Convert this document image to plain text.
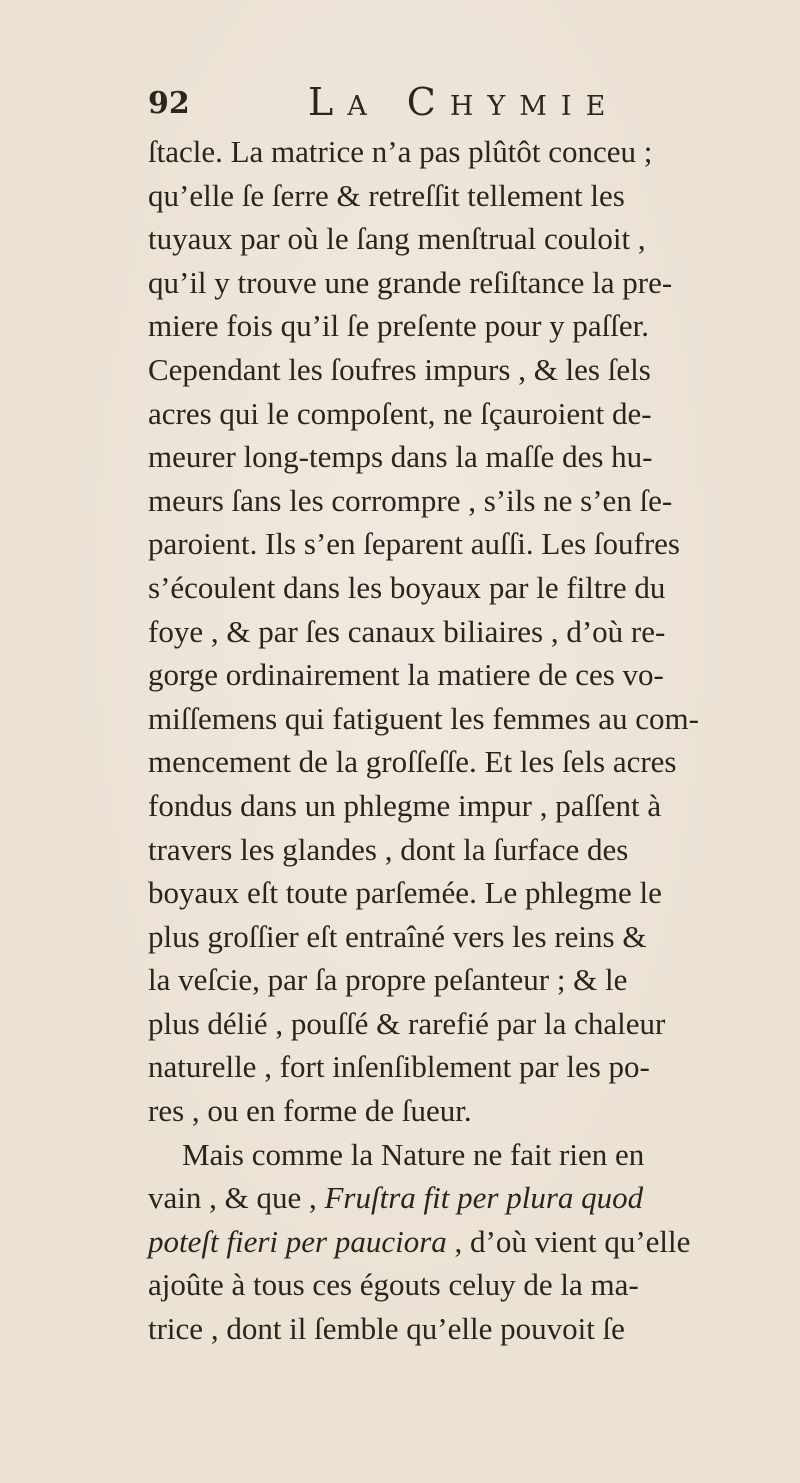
92	La Chymie
ſtacle. La matrice n’a pas plûtôt conceu ;
qu’elle ſe ſerre & retreſſit tellement les
tuyaux par où le ſang menſtrual couloit ,
qu’il y trouve une grande reſiſtance la pre-
miere fois qu’il ſe preſente pour y paſſer.
Cependant les ſoufres impurs , & les ſels
acres qui le compoſent, ne ſçauroient de-
meurer long-temps dans la maſſe des hu-
meurs ſans les corrompre , s’ils ne s’en ſe-
paroient. Ils s’en ſeparent auſſi. Les ſoufres
s’écoulent dans les boyaux par le filtre du
foye , & par ſes canaux biliaires , d’où re-
gorge ordinairement la matiere de ces vo-
miſſemens qui fatiguent les femmes au com-
mencement de la groſſeſſe. Et les ſels acres
fondus dans un phlegme impur , paſſent à
travers les glandes , dont la ſurface des
boyaux eſt toute parſemée. Le phlegme le
plus groſſier eſt entraîné vers les reins &
la veſcie, par ſa propre peſanteur ; & le
plus délié , pouſſé & rarefié par la chaleur
naturelle , fort inſenſiblement par les po-
res , ou en forme de ſueur.
Mais comme la Nature ne fait rien en
vain , & que , Fruſtra fit per plura quod
poteſt fieri per pauciora , d’où vient qu’elle
ajoûte à tous ces égouts celuy de la ma-
trice , dont il ſemble qu’elle pouvoit ſe
